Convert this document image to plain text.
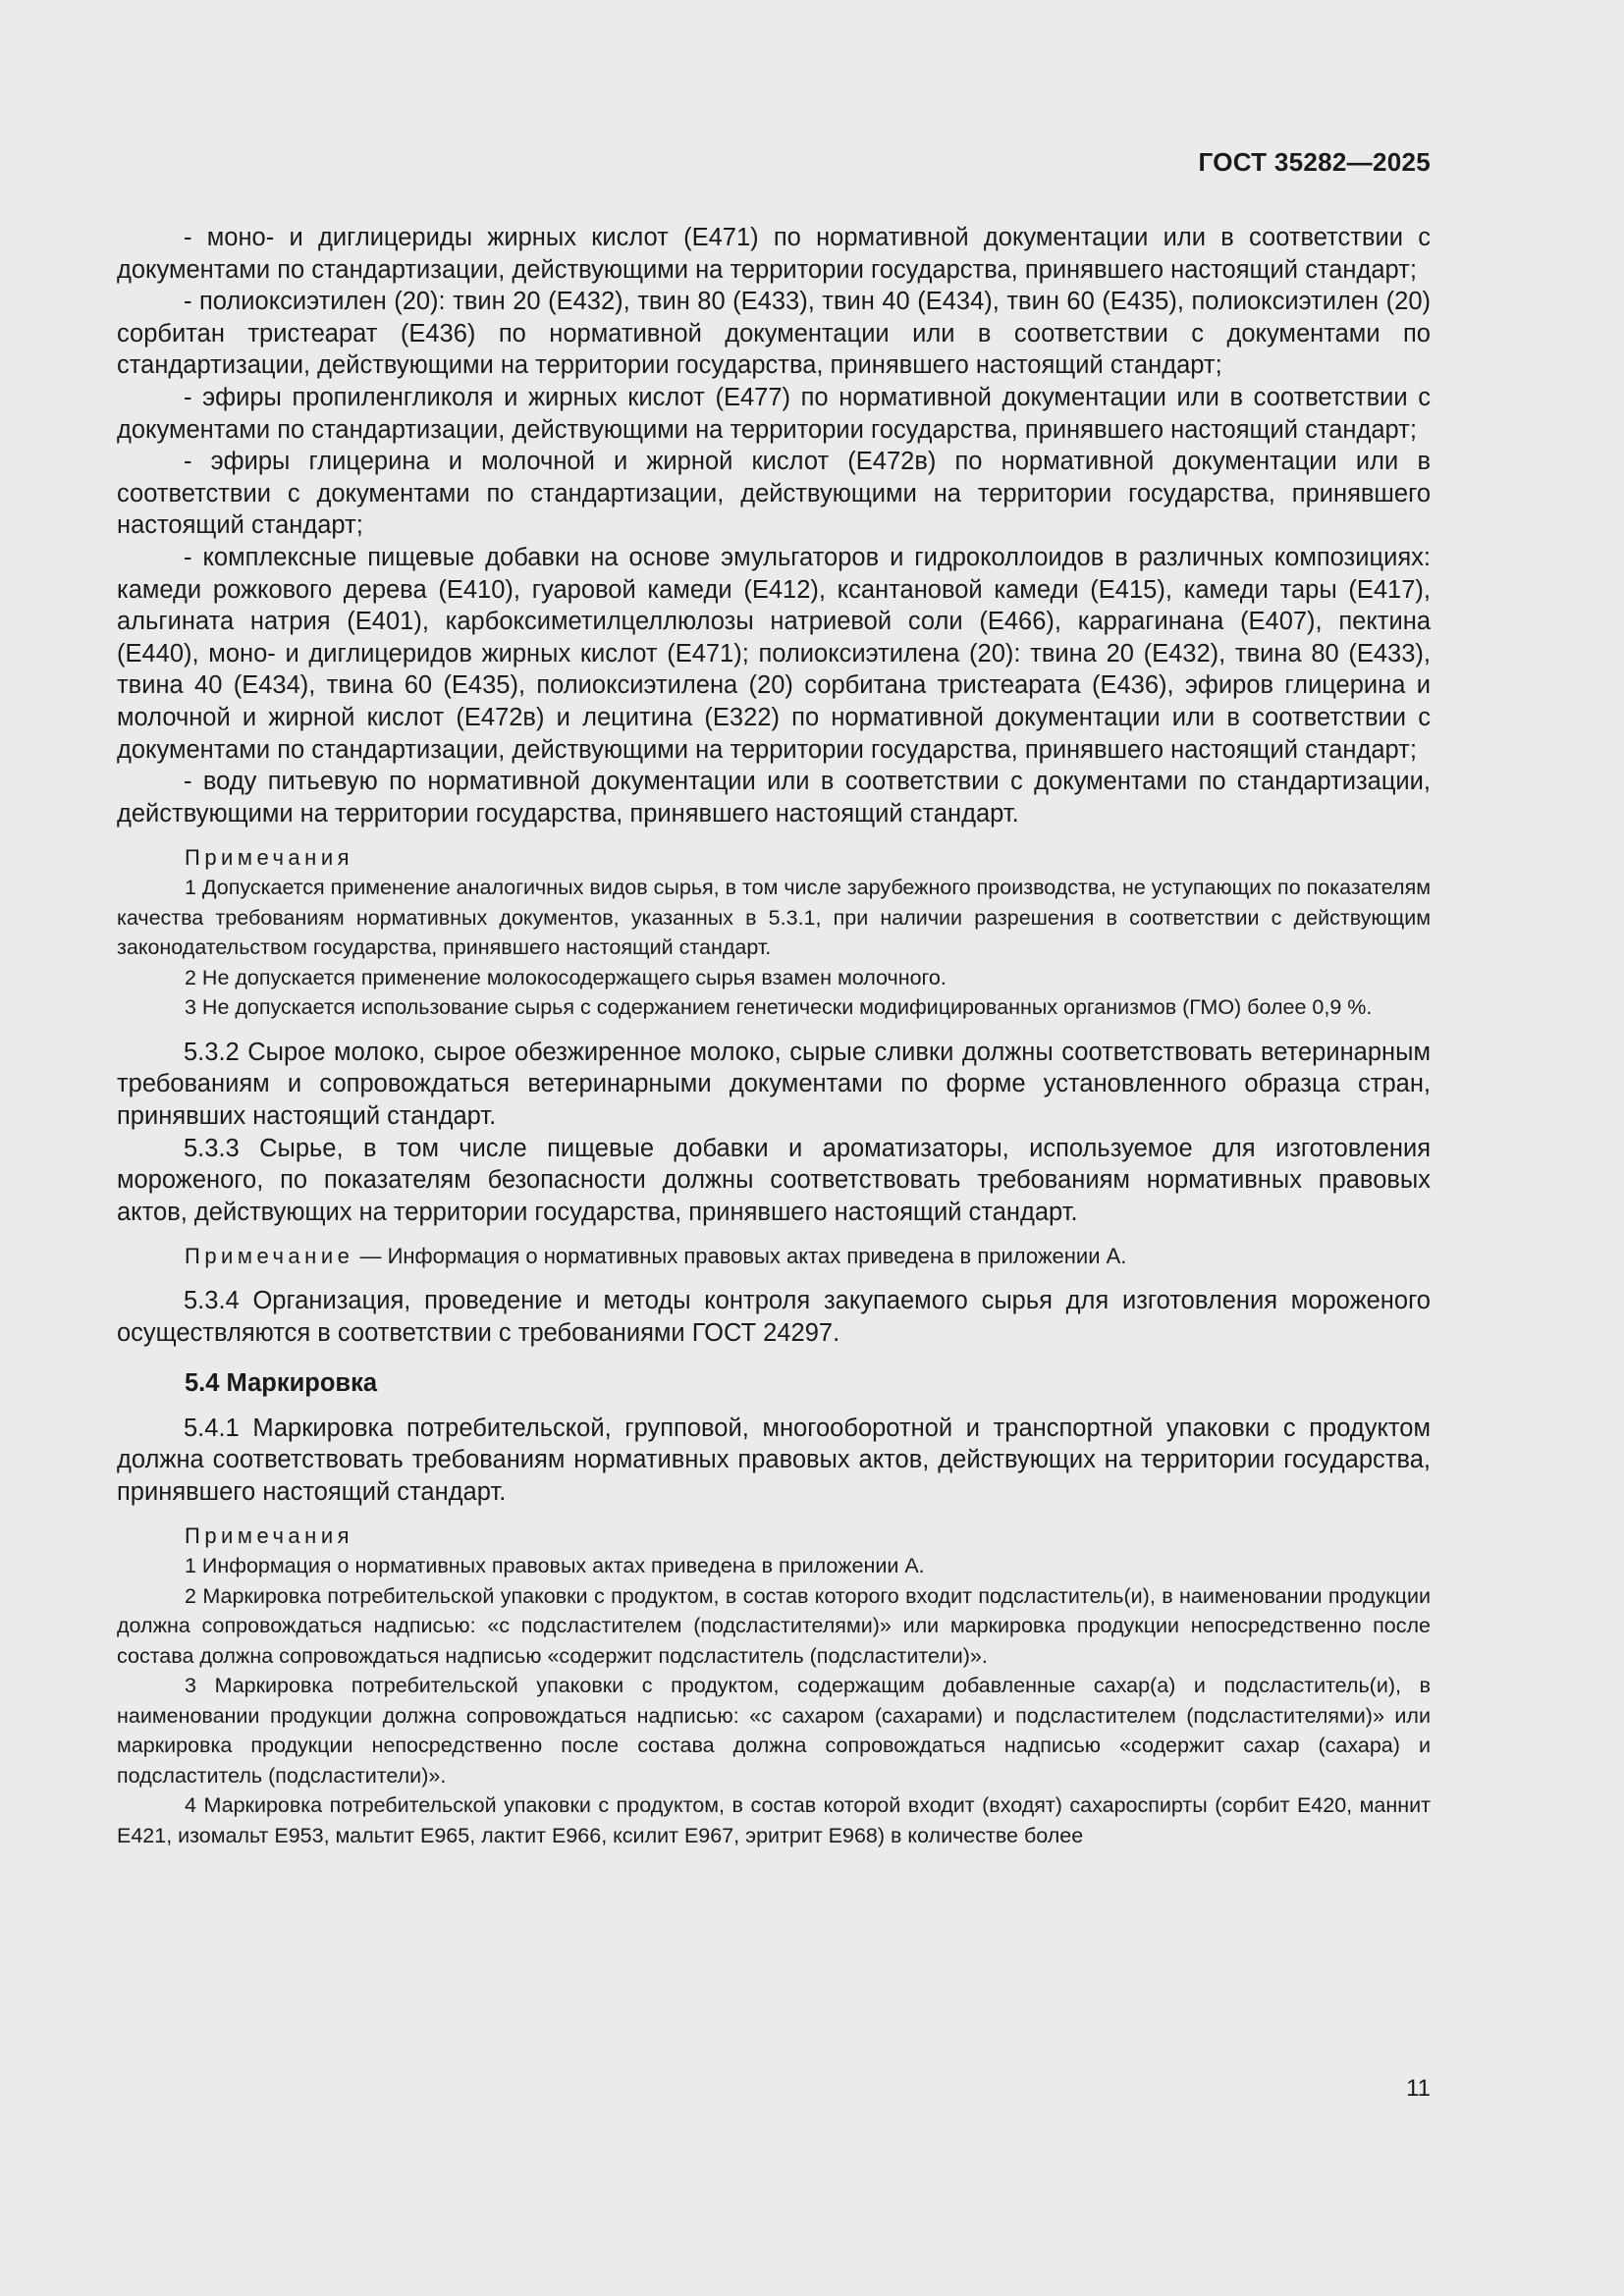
ГОСТ 35282—2025

- моно- и диглицериды жирных кислот (Е471) по нормативной документации или в соответствии с документами по стандартизации, действующими на территории государства, принявшего настоящий стандарт;

- полиоксиэтилен (20): твин 20 (Е432), твин 80 (Е433), твин 40 (Е434), твин 60 (Е435), полиоксиэтилен (20) сорбитан тристеарат (Е436) по нормативной документации или в соответствии с документами по стандартизации, действующими на территории государства, принявшего настоящий стандарт;

- эфиры пропиленгликоля и жирных кислот (Е477) по нормативной документации или в соответствии с документами по стандартизации, действующими на территории государства, принявшего настоящий стандарт;

- эфиры глицерина и молочной и жирной кислот (Е472в) по нормативной документации или в соответствии с документами по стандартизации, действующими на территории государства, принявшего настоящий стандарт;

- комплексные пищевые добавки на основе эмульгаторов и гидроколлоидов в различных композициях: камеди рожкового дерева (Е410), гуаровой камеди (Е412), ксантановой камеди (Е415), камеди тары (Е417), альгината натрия (Е401), карбоксиметилцеллюлозы натриевой соли (Е466), каррагинана (Е407), пектина (Е440), моно- и диглицеридов жирных кислот (Е471); полиоксиэтилена (20): твина 20 (Е432), твина 80 (Е433), твина 40 (Е434), твина 60 (Е435), полиоксиэтилена (20) сорбитана тристеарата (Е436), эфиров глицерина и молочной и жирной кислот (Е472в) и лецитина (Е322) по нормативной документации или в соответствии с документами по стандартизации, действующими на территории государства, принявшего настоящий стандарт;

- воду питьевую по нормативной документации или в соответствии с документами по стандартизации, действующими на территории государства, принявшего настоящий стандарт.

Примечания

1 Допускается применение аналогичных видов сырья, в том числе зарубежного производства, не уступающих по показателям качества требованиям нормативных документов, указанных в 5.3.1, при наличии разрешения в соответствии с действующим законодательством государства, принявшего настоящий стандарт.

2 Не допускается применение молокосодержащего сырья взамен молочного.

3 Не допускается использование сырья с содержанием генетически модифицированных организмов (ГМО) более 0,9 %.

5.3.2 Сырое молоко, сырое обезжиренное молоко, сырые сливки должны соответствовать ветеринарным требованиям и сопровождаться ветеринарными документами по форме установленного образца стран, принявших настоящий стандарт.

5.3.3 Сырье, в том числе пищевые добавки и ароматизаторы, используемое для изготовления мороженого, по показателям безопасности должны соответствовать требованиям нормативных правовых актов, действующих на территории государства, принявшего настоящий стандарт.

Примечание — Информация о нормативных правовых актах приведена в приложении А.

5.3.4 Организация, проведение и методы контроля закупаемого сырья для изготовления мороженого осуществляются в соответствии с требованиями ГОСТ 24297.

5.4 Маркировка

5.4.1 Маркировка потребительской, групповой, многооборотной и транспортной упаковки с продуктом должна соответствовать требованиям нормативных правовых актов, действующих на территории государства, принявшего настоящий стандарт.

Примечания

1 Информация о нормативных правовых актах приведена в приложении А.

2 Маркировка потребительской упаковки с продуктом, в состав которого входит подсластитель(и), в наименовании продукции должна сопровождаться надписью: «с подсластителем (подсластителями)» или маркировка продукции непосредственно после состава должна сопровождаться надписью «содержит подсластитель (подсластители)».

3 Маркировка потребительской упаковки с продуктом, содержащим добавленные сахар(а) и подсластитель(и), в наименовании продукции должна сопровождаться надписью: «с сахаром (сахарами) и подсластителем (подсластителями)» или маркировка продукции непосредственно после состава должна сопровождаться надписью «содержит сахар (сахара) и подсластитель (подсластители)».

4 Маркировка потребительской упаковки с продуктом, в состав которой входит (входят) сахароспирты (сорбит Е420, маннит Е421, изомальт Е953, мальтит Е965, лактит Е966, ксилит Е967, эритрит Е968) в количестве более

11
